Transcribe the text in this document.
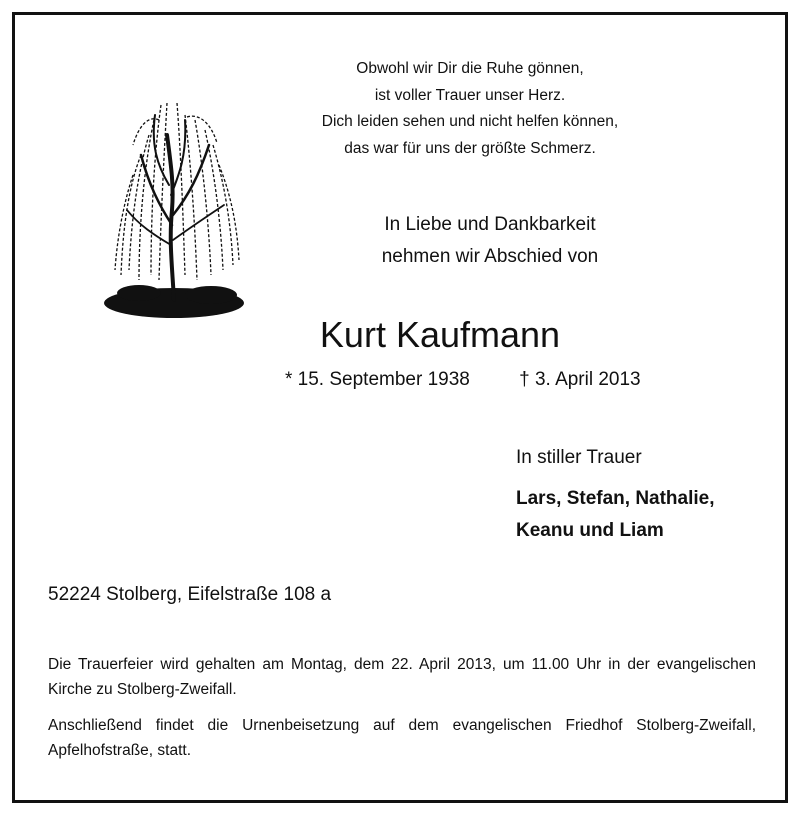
Obwohl wir Dir die Ruhe gönnen,
ist voller Trauer unser Herz.
Dich leiden sehen und nicht helfen können,
das war für uns der größte Schmerz.
In Liebe und Dankbarkeit
nehmen wir Abschied von
Kurt Kaufmann
* 15. September 1938	† 3. April 2013
In stiller Trauer
Lars, Stefan, Nathalie,
Keanu und Liam
52224 Stolberg, Eifelstraße 108 a
Die Trauerfeier wird gehalten am Montag, dem 22. April 2013, um 11.00 Uhr in der evangelischen Kirche zu Stolberg-Zweifall.
Anschließend findet die Urnenbeisetzung auf dem evangelischen Friedhof Stolberg-Zweifall, Apfelhofstraße, statt.
